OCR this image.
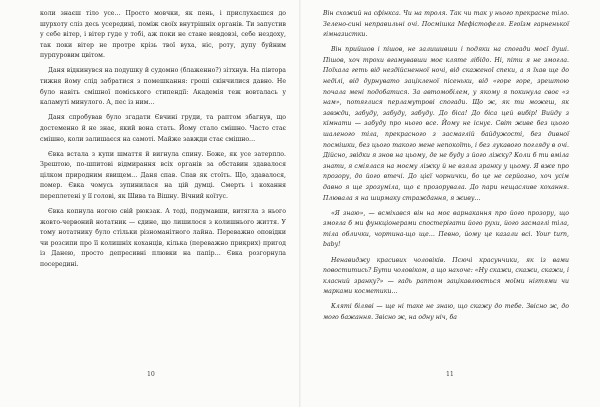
коли знаєш тіло усе… Просто мовчки, як пень, і прислухаєшся до шурхоту сліз десь усередині, поміж своїх внутрішніх органів. Ти запустив у себе вітер, і вітер гуде у тобі, аж поки не стане невдовзі, себе нездоху, так поки вітер не протре крізь твої вуха, ніс, роту, дупу буйним пурпуровим цвітом.

Даня відкинувся на подушку й судомно (блаженно?) зітхнув. На півтора тижня йому слід забратися з помешкання: гроші скінчилися давно. Не було навіть смішної поміського стипендії: Академія теж вовталась у каламуті минулого. А, пес із ним…

Даня спробував було згадати Євчині груди, та раптом збагнув, що достеменно й не знає, який вона стать. Йому стало смішно. Часто стає смішно, коли залишаєся на самоті. Майже завжди стає смішно…

Євка встала з купи шмаття й вигнула спину. Боже, як усе затерпло. Зрештою, по-шпитові відмирання всіх органів за обставин здавалося цілком природним явищем… Даня спав. Спав як стоїть. Що, здавалося, помер. Євка чомусь зупинилася на цій думці. Смерть і кохання переплетені у її голові, як Шива та Вішну. Вічний коїтус.

Євка копнула ногою свій рюкзак. А тоді, подумавши, витягла з нього жовто-червоний нотатник — єдине, що лишилося з колишнього життя. У тому нотатнику було стільки різноманітного лайна. Переважно оповідки чи розсипи про її колишніх коханців, кілька (переважно прикрих) пригод із Данею, просто депресивні плювки на папір… Євка розгорнула посередині.

Він схожий на сфінкса. Чи на троля. Так чи так у нього прекрасне тіло. Зелено-сині неправильні очі. Посмішка Мефістофеля. Егоїзм гарненької гімназистки.

Він прийшов і пішов, не залишивши і подяки на спогади моєї душі. Пішов, хоч трохи вгамувавши моє кляте лібідо. Ні, піти я не змогла. Поїхала геть від нездійсненної ночі, від скаженої спеки, а я їхав ще до неділі, від дурнувато зацікленої пісеньки, від «горе горе, зрештою почала мені подобатися. За автомобілем, у якому я покинула своє «з нам», потяглися перламутрові спогади. Що ж, як ти можеш, як завжди, забуду, забуду, забуду. До біса! До біса цей вибір! Вийду з кімнати — забуду про нього все. Йому не існує. Світ живе без цього шаленого тіла, прекрасного з засмаглій байдужості, без дивної посмішки, без цього такого мене непокоїть, і без лукавого погляду в очі. Дійсно, звідки я знов на цьому, де не буду з його ліжку? Коли б ти вміла знати, я сміялася на моєму ліжку й не взяла зранку у цьому. Я вже про прозору, до його втечі. До цієї чорнички, бо це не серйозно, хоч усім давно я ще зрозуміла, що є прозорувала. До пари нещасливе кохання. Плювала я на ширмаку страждання, я живу…

«Я знаю», — всміхався він на моє варнакання про його прозору, що змогла б ми функціонерами спостерігати його рухи, його засмаглі тіла, тіла облички, чортина-що ще… Певно, йому це казали всі. Your turn, baby!

Ненавиджу красивих чоловіків. Псючі красунчики, як із вами повоститись? Бути чоловіком, а що нахоче: «Ну скажи, скажи, скажи, і класний зранку?» — гадь раптом зацікавлюється моїми нігтями чи марками косметики…

Кляті біляві — ще ні таке не знаю, що скажу до тебе. Звісно ж, до мого бажання. Звісно ж, на одну ніч, ба

10	11
